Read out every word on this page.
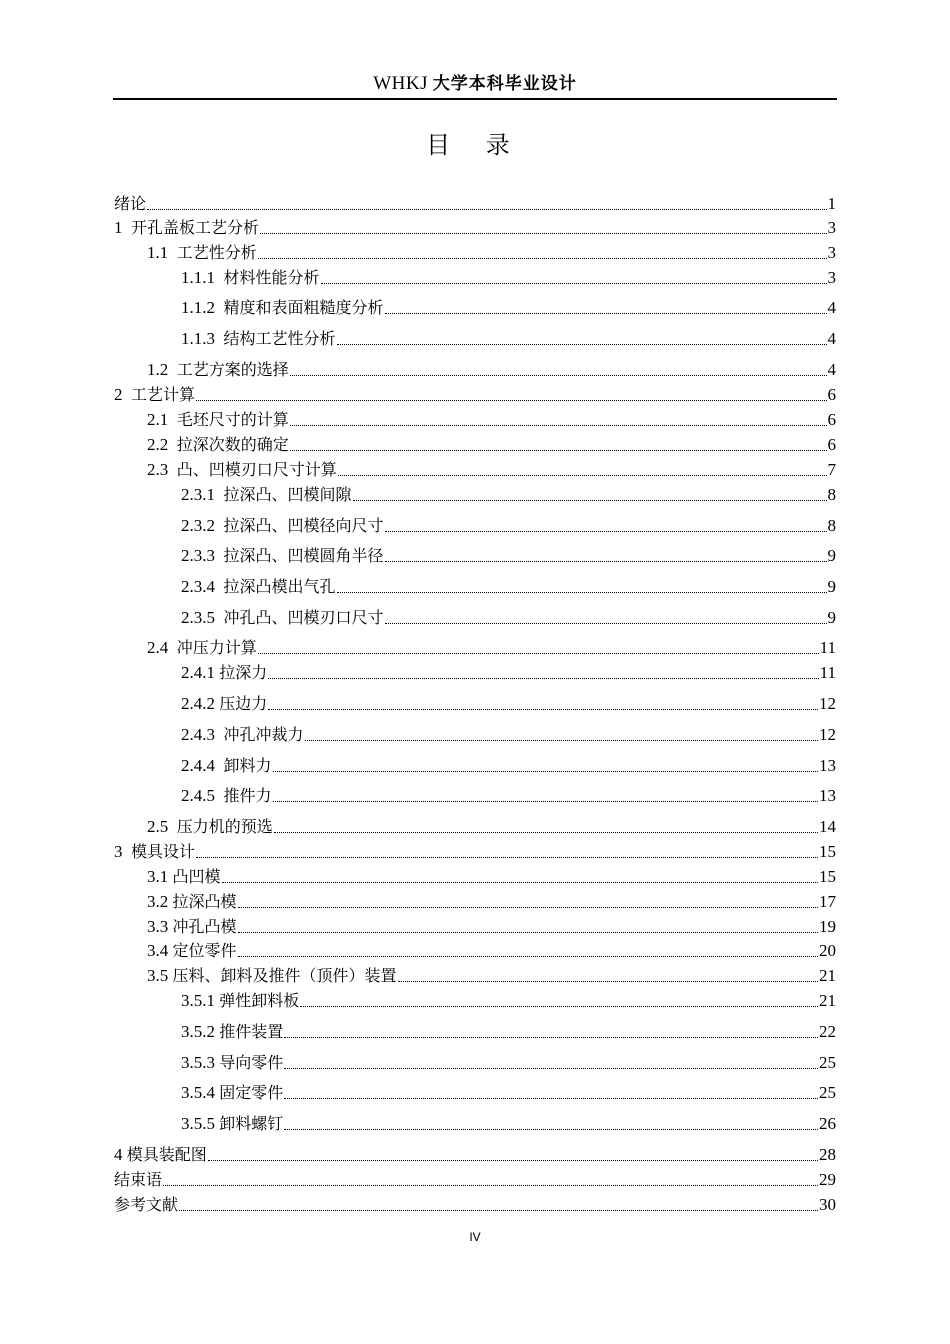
WHKJ 大学本科毕业设计
目 录
绪论	1
1 开孔盖板工艺分析	3
1.1 工艺性分析	3
1.1.1 材料性能分析	3
1.1.2 精度和表面粗糙度分析	4
1.1.3 结构工艺性分析	4
1.2 工艺方案的选择	4
2 工艺计算	6
2.1 毛坯尺寸的计算	6
2.2 拉深次数的确定	6
2.3 凸、凹模刃口尺寸计算	7
2.3.1 拉深凸、凹模间隙	8
2.3.2 拉深凸、凹模径向尺寸	8
2.3.3 拉深凸、凹模圆角半径	9
2.3.4 拉深凸模出气孔	9
2.3.5 冲孔凸、凹模刃口尺寸	9
2.4 冲压力计算	11
2.4.1 拉深力	11
2.4.2 压边力	12
2.4.3 冲孔冲裁力	12
2.4.4 卸料力	13
2.4.5 推件力	13
2.5 压力机的预选	14
3 模具设计	15
3.1 凸凹模	15
3.2 拉深凸模	17
3.3 冲孔凸模	19
3.4 定位零件	20
3.5 压料、卸料及推件（顶件）装置	21
3.5.1 弹性卸料板	21
3.5.2 推件装置	22
3.5.3 导向零件	25
3.5.4 固定零件	25
3.5.5 卸料螺钉	26
4 模具装配图	28
结束语	29
参考文献	30
IV
